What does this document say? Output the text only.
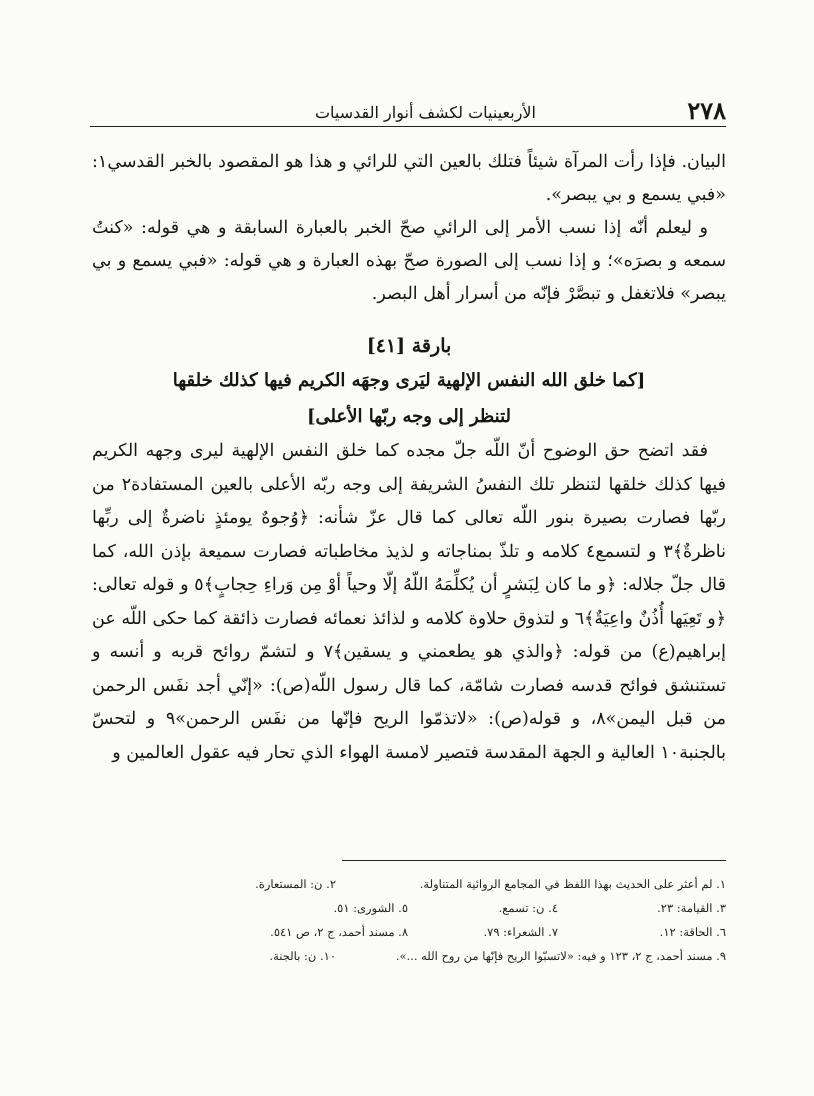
٢٧٨
الأربعينيات لكشف أنوار القدسيات

البيان. فإذا رأت المرآة شيئاً فتلك بالعين التي للرائي و هذا هو المقصود بالخبر القدسي١: «فبي يسمع و بي يبصر».

و ليعلم أنّه إذا نسب الأمر إلى الرائي صحّ الخبر بالعبارة السابقة و هي قوله: «كنتُ سمعه و بصرَه»؛ و إذا نسب إلى الصورة صحّ بهذه العبارة و هي قوله: «فبي يسمع و بي يبصر» فلاتغفل و تبصَّرْ فإنّه من أسرار أهل البصر.

بارقة [٤١]
[كما خلق الله النفس الإلهية ليَرى وجهَه الكريم فيها كذلك خلقها
لتنظر إلى وجه ربّها الأعلى]

فقد اتضح حق الوضوح أنّ اللّه جلّ مجده كما خلق النفس الإلهية ليرى وجهه الكريم فيها كذلك خلقها لتنظر تلك النفسُ الشريفة إلى وجه ربّه الأعلى بالعين المستفادة٢ من ربّها فصارت بصيرة بنور اللّه تعالى كما قال عزّ شأنه: ﴿وُجوهٌ يومئذٍ ناضرةٌ إلى ربِّها ناظرةٌ﴾٣ و لتسمع٤ كلامه و تلذّ بمناجاته و لذيذ مخاطباته فصارت سميعة بإذن الله، كما قال جلّ جلاله: ﴿و ما كان لِبَشرٍ أن يُكلِّمَهُ اللّهُ إلّا وحياً أوْ مِن وَراءِ حِجابٍ﴾٥ و قوله تعالى: ﴿و تَعِيَها أُذُنٌ واعِيَةٌ﴾٦ و لتذوق حلاوة كلامه و لذائذ نعمائه فصارت ذائقة كما حكى اللّه عن إبراهيم(ع) من قوله: ﴿والذي هو يطعمني و يسقين﴾٧ و لتشمّ روائح قربه و أنسه و تستنشق فوائح قدسه فصارت شامّة، كما قال رسول اللّه(ص): «إنّي أجد نفَس الرحمن من قبل اليمن»٨، و قوله(ص): «لاتذمّوا الريح فإنّها من نفَس الرحمن»٩ و لتحسّ بالجنبة١٠ العالية و الجهة المقدسة فتصير لامسة الهواء الذي تحار فيه عقول العالمين و

١. لم أعثر على الحديث بهذا اللفظ في المجامع الروائية المتناولة.
٢. ن: المستعارة.
٣. القيامة: ٢٣.
٤. ن: تسمع.
٥. الشورى: ٥١.
٦. الحاقة: ١٢.
٧. الشعراء: ٧٩.
٨. مسند أحمد، ج ٢، ص ٥٤١.
٩. مسند أحمد، ج ٢، ١٢٣ و فيه: «لاتسبّوا الريح فإنّها من روح الله ...».
١٠. ن: بالجنة.
